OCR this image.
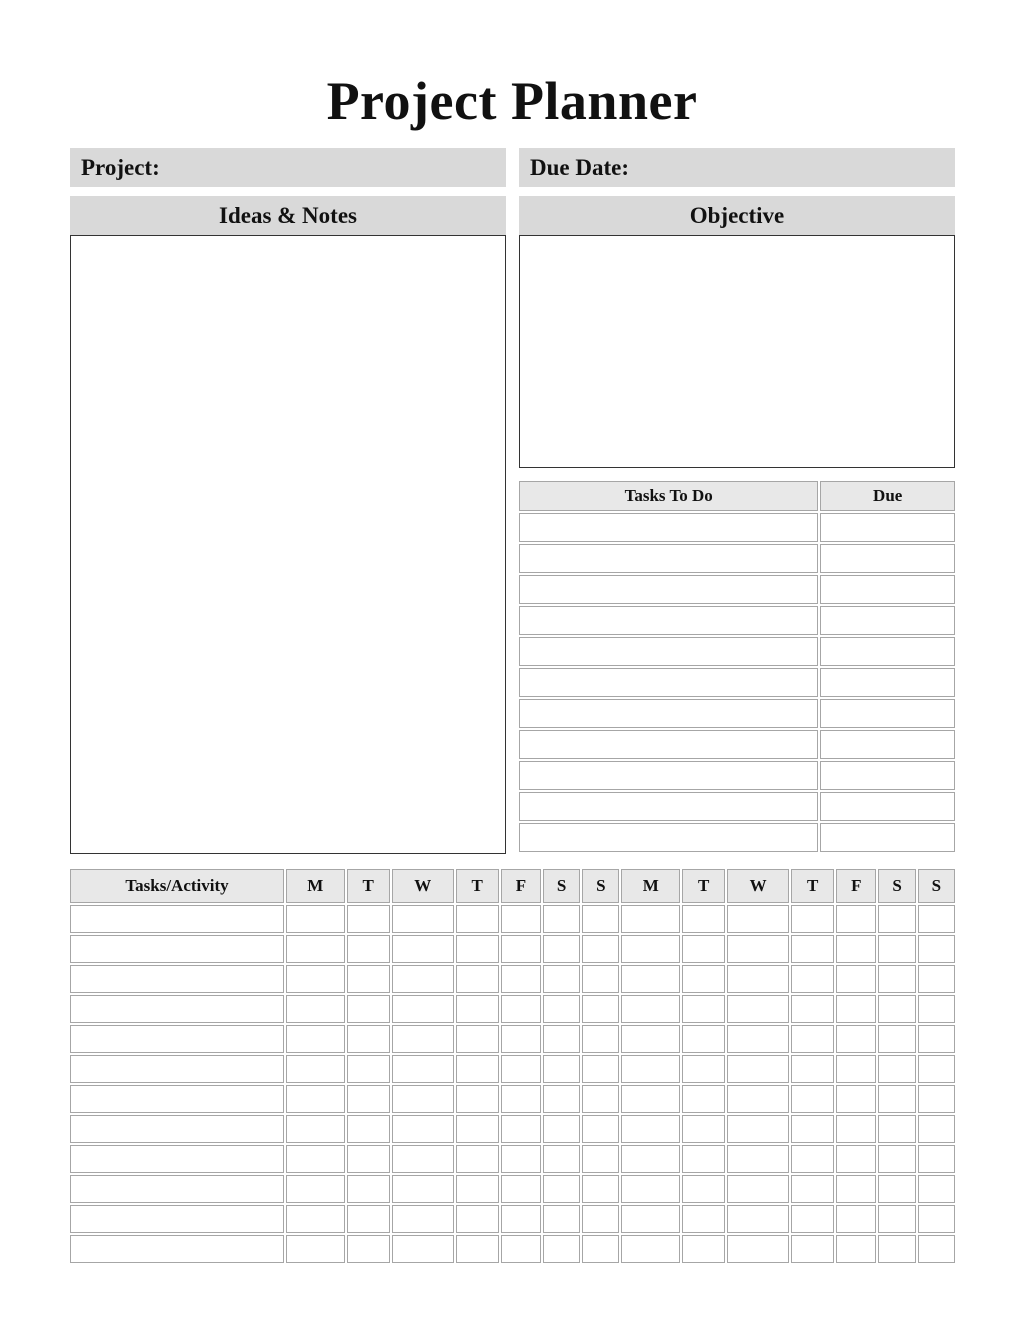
Project Planner
Project:	Due Date:
Ideas & Notes	Objective
Tasks To Do	Due

Tasks/Activity	M	T	W	T	F	S	S	M	T	W	T	F	S	S
